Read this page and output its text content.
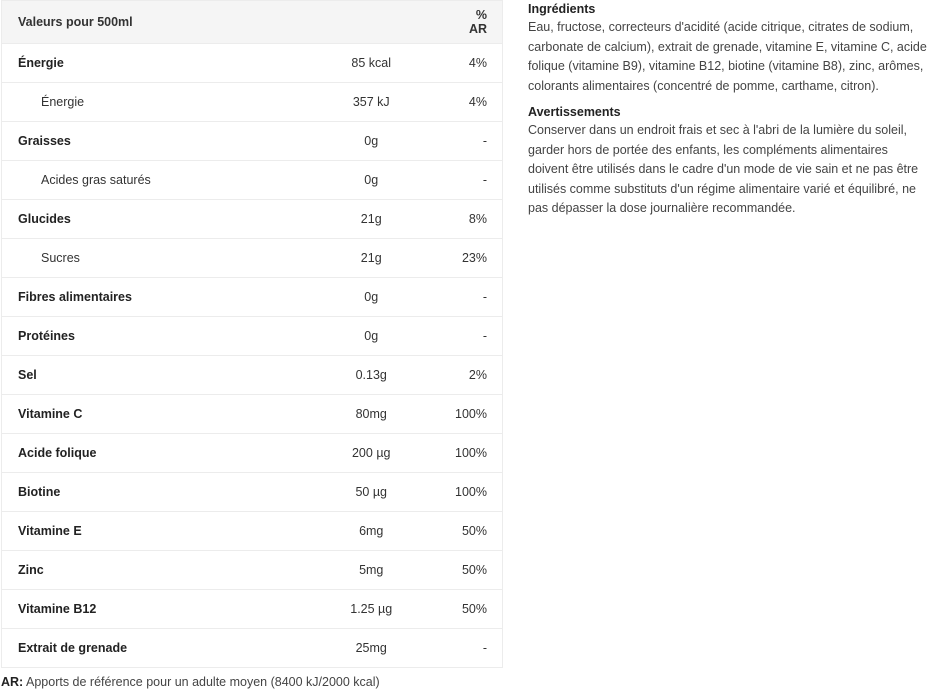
Valeurs pour 500ml		% AR
Énergie	85 kcal	4%
Énergie	357 kJ	4%
Graisses	0g	-
Acides gras saturés	0g	-
Glucides	21g	8%
Sucres	21g	23%
Fibres alimentaires	0g	-
Protéines	0g	-
Sel	0.13g	2%
Vitamine C	80mg	100%
Acide folique	200 µg	100%
Biotine	50 µg	100%
Vitamine E	6mg	50%
Zinc	5mg	50%
Vitamine B12	1.25 µg	50%
Extrait de grenade	25mg	-
AR: Apports de référence pour un adulte moyen (8400 kJ/2000 kcal)
Ingrédients

Eau, fructose, correcteurs d'acidité (acide citrique, citrates de sodium, carbonate de calcium), extrait de grenade, vitamine E, vitamine C, acide folique (vitamine B9), vitamine B12, biotine (vitamine B8), zinc, arômes, colorants alimentaires (concentré de pomme, carthame, citron).

Avertissements

Conserver dans un endroit frais et sec à l'abri de la lumière du soleil, garder hors de portée des enfants, les compléments alimentaires doivent être utilisés dans le cadre d'un mode de vie sain et ne pas être utilisés comme substituts d'un régime alimentaire varié et équilibré, ne pas dépasser la dose journalière recommandée.
